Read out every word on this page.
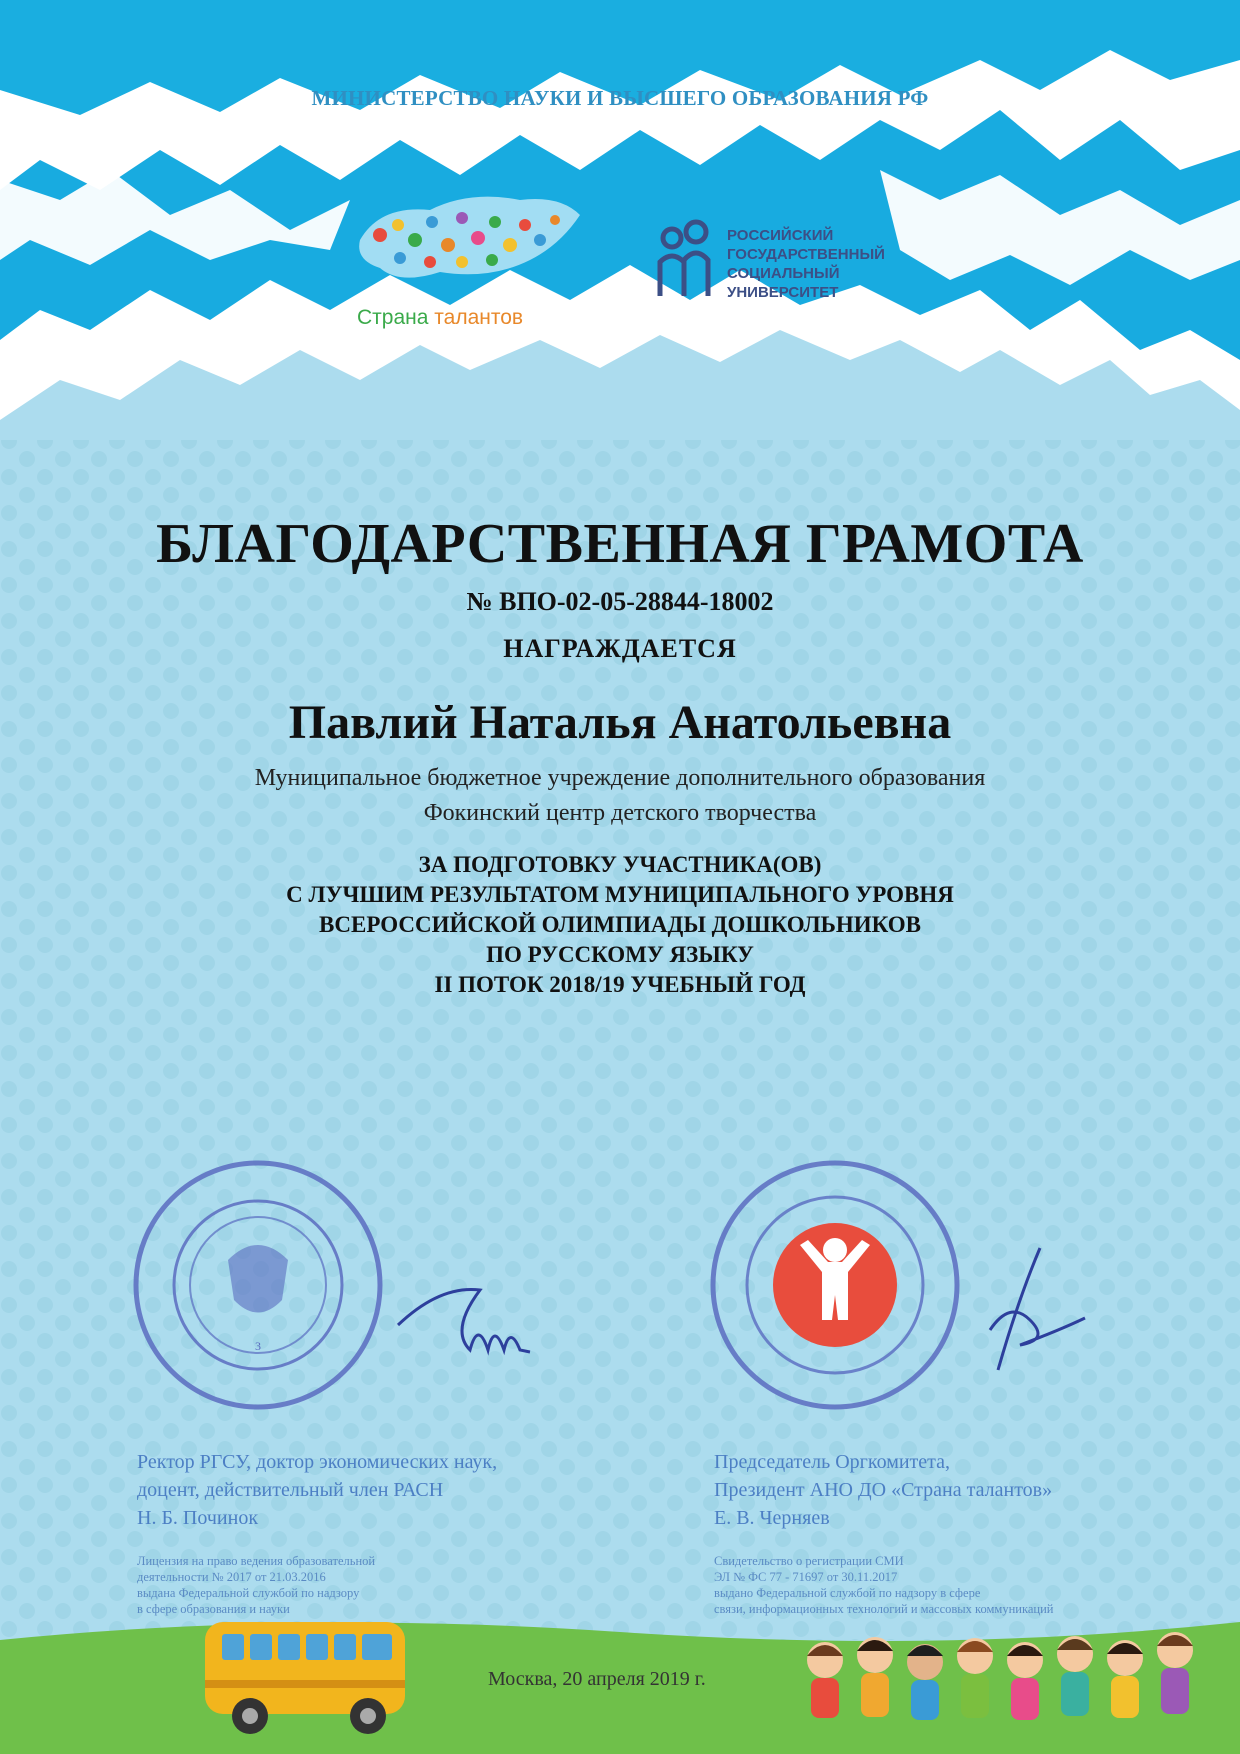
3
МИНИСТЕРСТВО НАУКИ И ВЫСШЕГО ОБРАЗОВАНИЯ РФ
Страна талантов
РОССИЙСКИЙ
ГОСУДАРСТВЕННЫЙ
СОЦИАЛЬНЫЙ
УНИВЕРСИТЕТ
БЛАГОДАРСТВЕННАЯ ГРАМОТА
№ ВПО-02-05-28844-18002
НАГРАЖДАЕТСЯ
Павлий Наталья Анатольевна
Муниципальное бюджетное учреждение дополнительного образования
Фокинский центр детского творчества
ЗА ПОДГОТОВКУ УЧАСТНИКА(ОВ)
С ЛУЧШИМ РЕЗУЛЬТАТОМ МУНИЦИПАЛЬНОГО УРОВНЯ
ВСЕРОССИЙСКОЙ ОЛИМПИАДЫ ДОШКОЛЬНИКОВ
ПО РУССКОМУ ЯЗЫКУ
II ПОТОК 2018/19 УЧЕБНЫЙ ГОД
Ректор РГСУ, доктор экономических наук,
доцент, действительный член РАСН
Н. Б. Починок
Председатель Оргкомитета,
Президент АНО ДО «Страна талантов»
Е. В. Черняев
Лицензия на право ведения образовательной
деятельности № 2017 от 21.03.2016
выдана Федеральной службой по надзору
в сфере образования и науки
Свидетельство о регистрации СМИ
ЭЛ № ФС 77 - 71697 от 30.11.2017
выдано Федеральной службой по надзору в сфере
связи, информационных технологий и массовых коммуникаций
Москва, 20 апреля 2019 г.
